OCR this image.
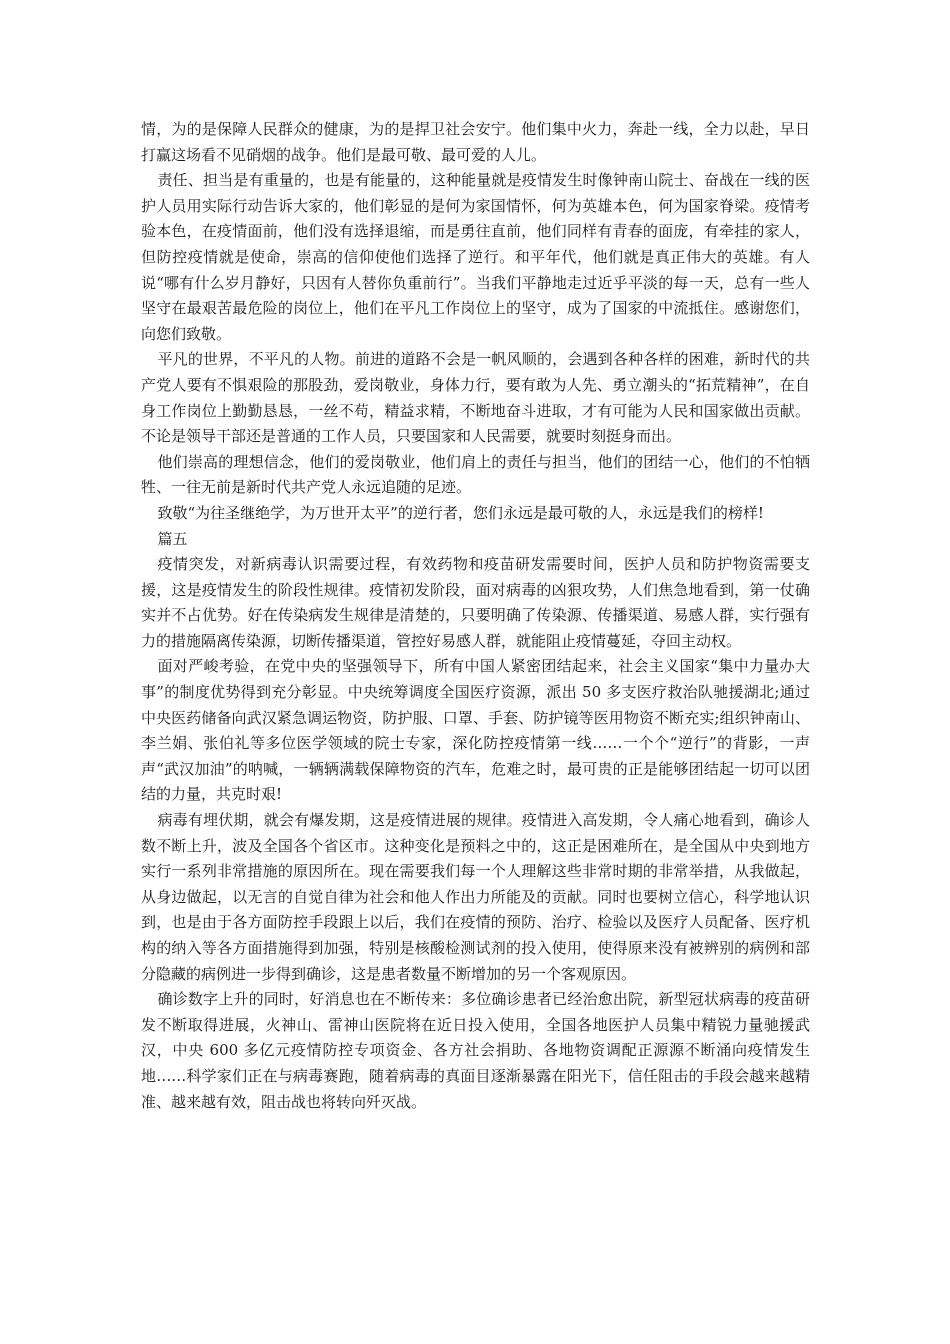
情，为的是保障人民群众的健康，为的是捍卫社会安宁。他们集中火力，奔赴一线，全力以赴，早日打赢这场看不见硝烟的战争。他们是最可敬、最可爱的人儿。

责任、担当是有重量的，也是有能量的，这种能量就是疫情发生时像钟南山院士、奋战在一线的医护人员用实际行动告诉大家的，他们彰显的是何为家国情怀，何为英雄本色，何为国家脊梁。疫情考验本色，在疫情面前，他们没有选择退缩，而是勇往直前，他们同样有青春的面庞，有牵挂的家人，但防控疫情就是使命，崇高的信仰使他们选择了逆行。和平年代，他们就是真正伟大的英雄。有人说“哪有什么岁月静好，只因有人替你负重前行”。当我们平静地走过近乎平淡的每一天，总有一些人坚守在最艰苦最危险的岗位上，他们在平凡工作岗位上的坚守，成为了国家的中流抵住。感谢您们，向您们致敬。

平凡的世界，不平凡的人物。前进的道路不会是一帆风顺的，会遇到各种各样的困难，新时代的共产党人要有不惧艰险的那股劲，爱岗敬业，身体力行，要有敢为人先、勇立潮头的“拓荒精神”，在自身工作岗位上勤勤恳恳，一丝不苟，精益求精，不断地奋斗进取，才有可能为人民和国家做出贡献。不论是领导干部还是普通的工作人员，只要国家和人民需要，就要时刻挺身而出。

他们崇高的理想信念，他们的爱岗敬业，他们肩上的责任与担当，他们的团结一心，他们的不怕牺牲、一往无前是新时代共产党人永远追随的足迹。

致敬“为往圣继绝学，为万世开太平”的逆行者，您们永远是最可敬的人，永远是我们的榜样!

篇五

疫情突发，对新病毒认识需要过程，有效药物和疫苗研发需要时间，医护人员和防护物资需要支援，这是疫情发生的阶段性规律。疫情初发阶段，面对病毒的凶狠攻势，人们焦急地看到，第一仗确实并不占优势。好在传染病发生规律是清楚的，只要明确了传染源、传播渠道、易感人群，实行强有力的措施隔离传染源，切断传播渠道，管控好易感人群，就能阻止疫情蔓延，夺回主动权。

面对严峻考验，在党中央的坚强领导下，所有中国人紧密团结起来，社会主义国家“集中力量办大事”的制度优势得到充分彰显。中央统筹调度全国医疗资源，派出 50 多支医疗救治队驰援湖北;通过中央医药储备向武汉紧急调运物资，防护服、口罩、手套、防护镜等医用物资不断充实;组织钟南山、李兰娟、张伯礼等多位医学领域的院士专家，深化防控疫情第一线……一个个“逆行”的背影，一声声“武汉加油”的呐喊，一辆辆满载保障物资的汽车，危难之时，最可贵的正是能够团结起一切可以团结的力量，共克时艰!

病毒有埋伏期，就会有爆发期，这是疫情进展的规律。疫情进入高发期，令人痛心地看到，确诊人数不断上升，波及全国各个省区市。这种变化是预料之中的，这正是困难所在，是全国从中央到地方实行一系列非常措施的原因所在。现在需要我们每一个人理解这些非常时期的非常举措，从我做起，从身边做起，以无言的自觉自律为社会和他人作出力所能及的贡献。同时也要树立信心，科学地认识到，也是由于各方面防控手段跟上以后，我们在疫情的预防、治疗、检验以及医疗人员配备、医疗机构的纳入等各方面措施得到加强，特别是核酸检测试剂的投入使用，使得原来没有被辨别的病例和部分隐藏的病例进一步得到确诊，这是患者数量不断增加的另一个客观原因。

确诊数字上升的同时，好消息也在不断传来：多位确诊患者已经治愈出院，新型冠状病毒的疫苗研发不断取得进展，火神山、雷神山医院将在近日投入使用，全国各地医护人员集中精锐力量驰援武汉，中央 600 多亿元疫情防控专项资金、各方社会捐助、各地物资调配正源源不断涌向疫情发生地……科学家们正在与病毒赛跑，随着病毒的真面目逐渐暴露在阳光下，信任阻击的手段会越来越精准、越来越有效，阻击战也将转向歼灭战。
